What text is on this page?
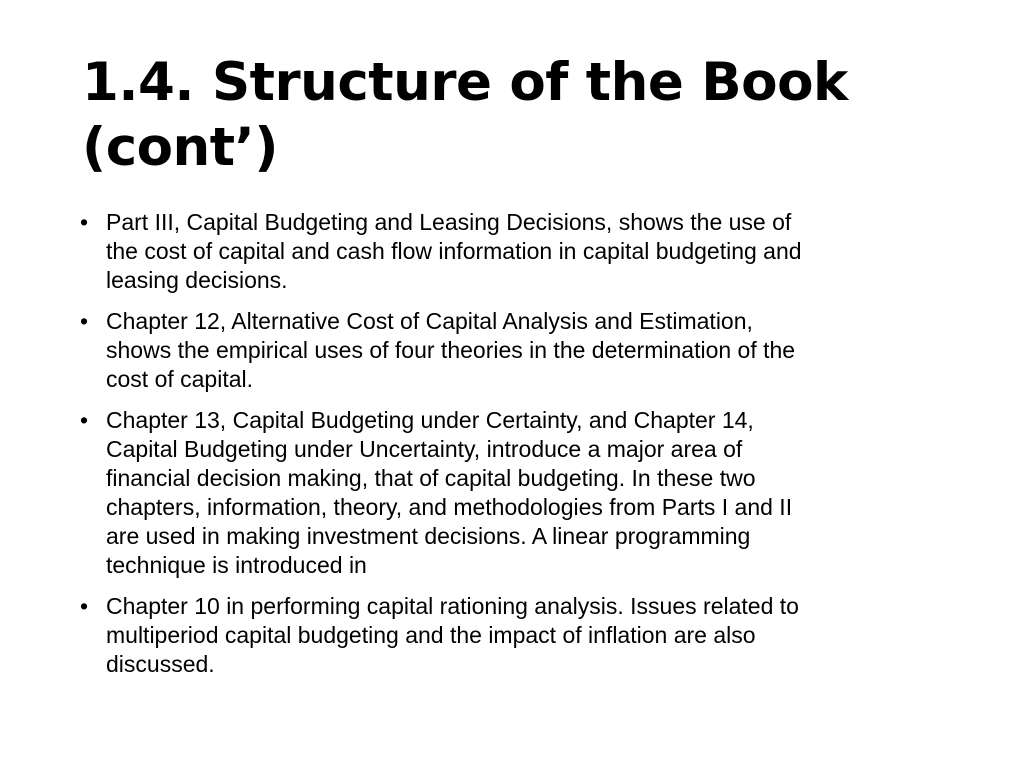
1.4. Structure of the Book
(cont’)
• Part III, Capital Budgeting and Leasing Decisions, shows the use of
the cost of capital and cash flow information in capital budgeting and
leasing decisions.
• Chapter 12, Alternative Cost of Capital Analysis and Estimation,
shows the empirical uses of four theories in the determination of the
cost of capital.
• Chapter 13, Capital Budgeting under Certainty, and Chapter 14,
Capital Budgeting under Uncertainty, introduce a major area of
financial decision making, that of capital budgeting. In these two
chapters, information, theory, and methodologies from Parts I and II
are used in making investment decisions. A linear programming
technique is introduced in
• Chapter 10 in performing capital rationing analysis. Issues related to
multiperiod capital budgeting and the impact of inflation are also
discussed.
